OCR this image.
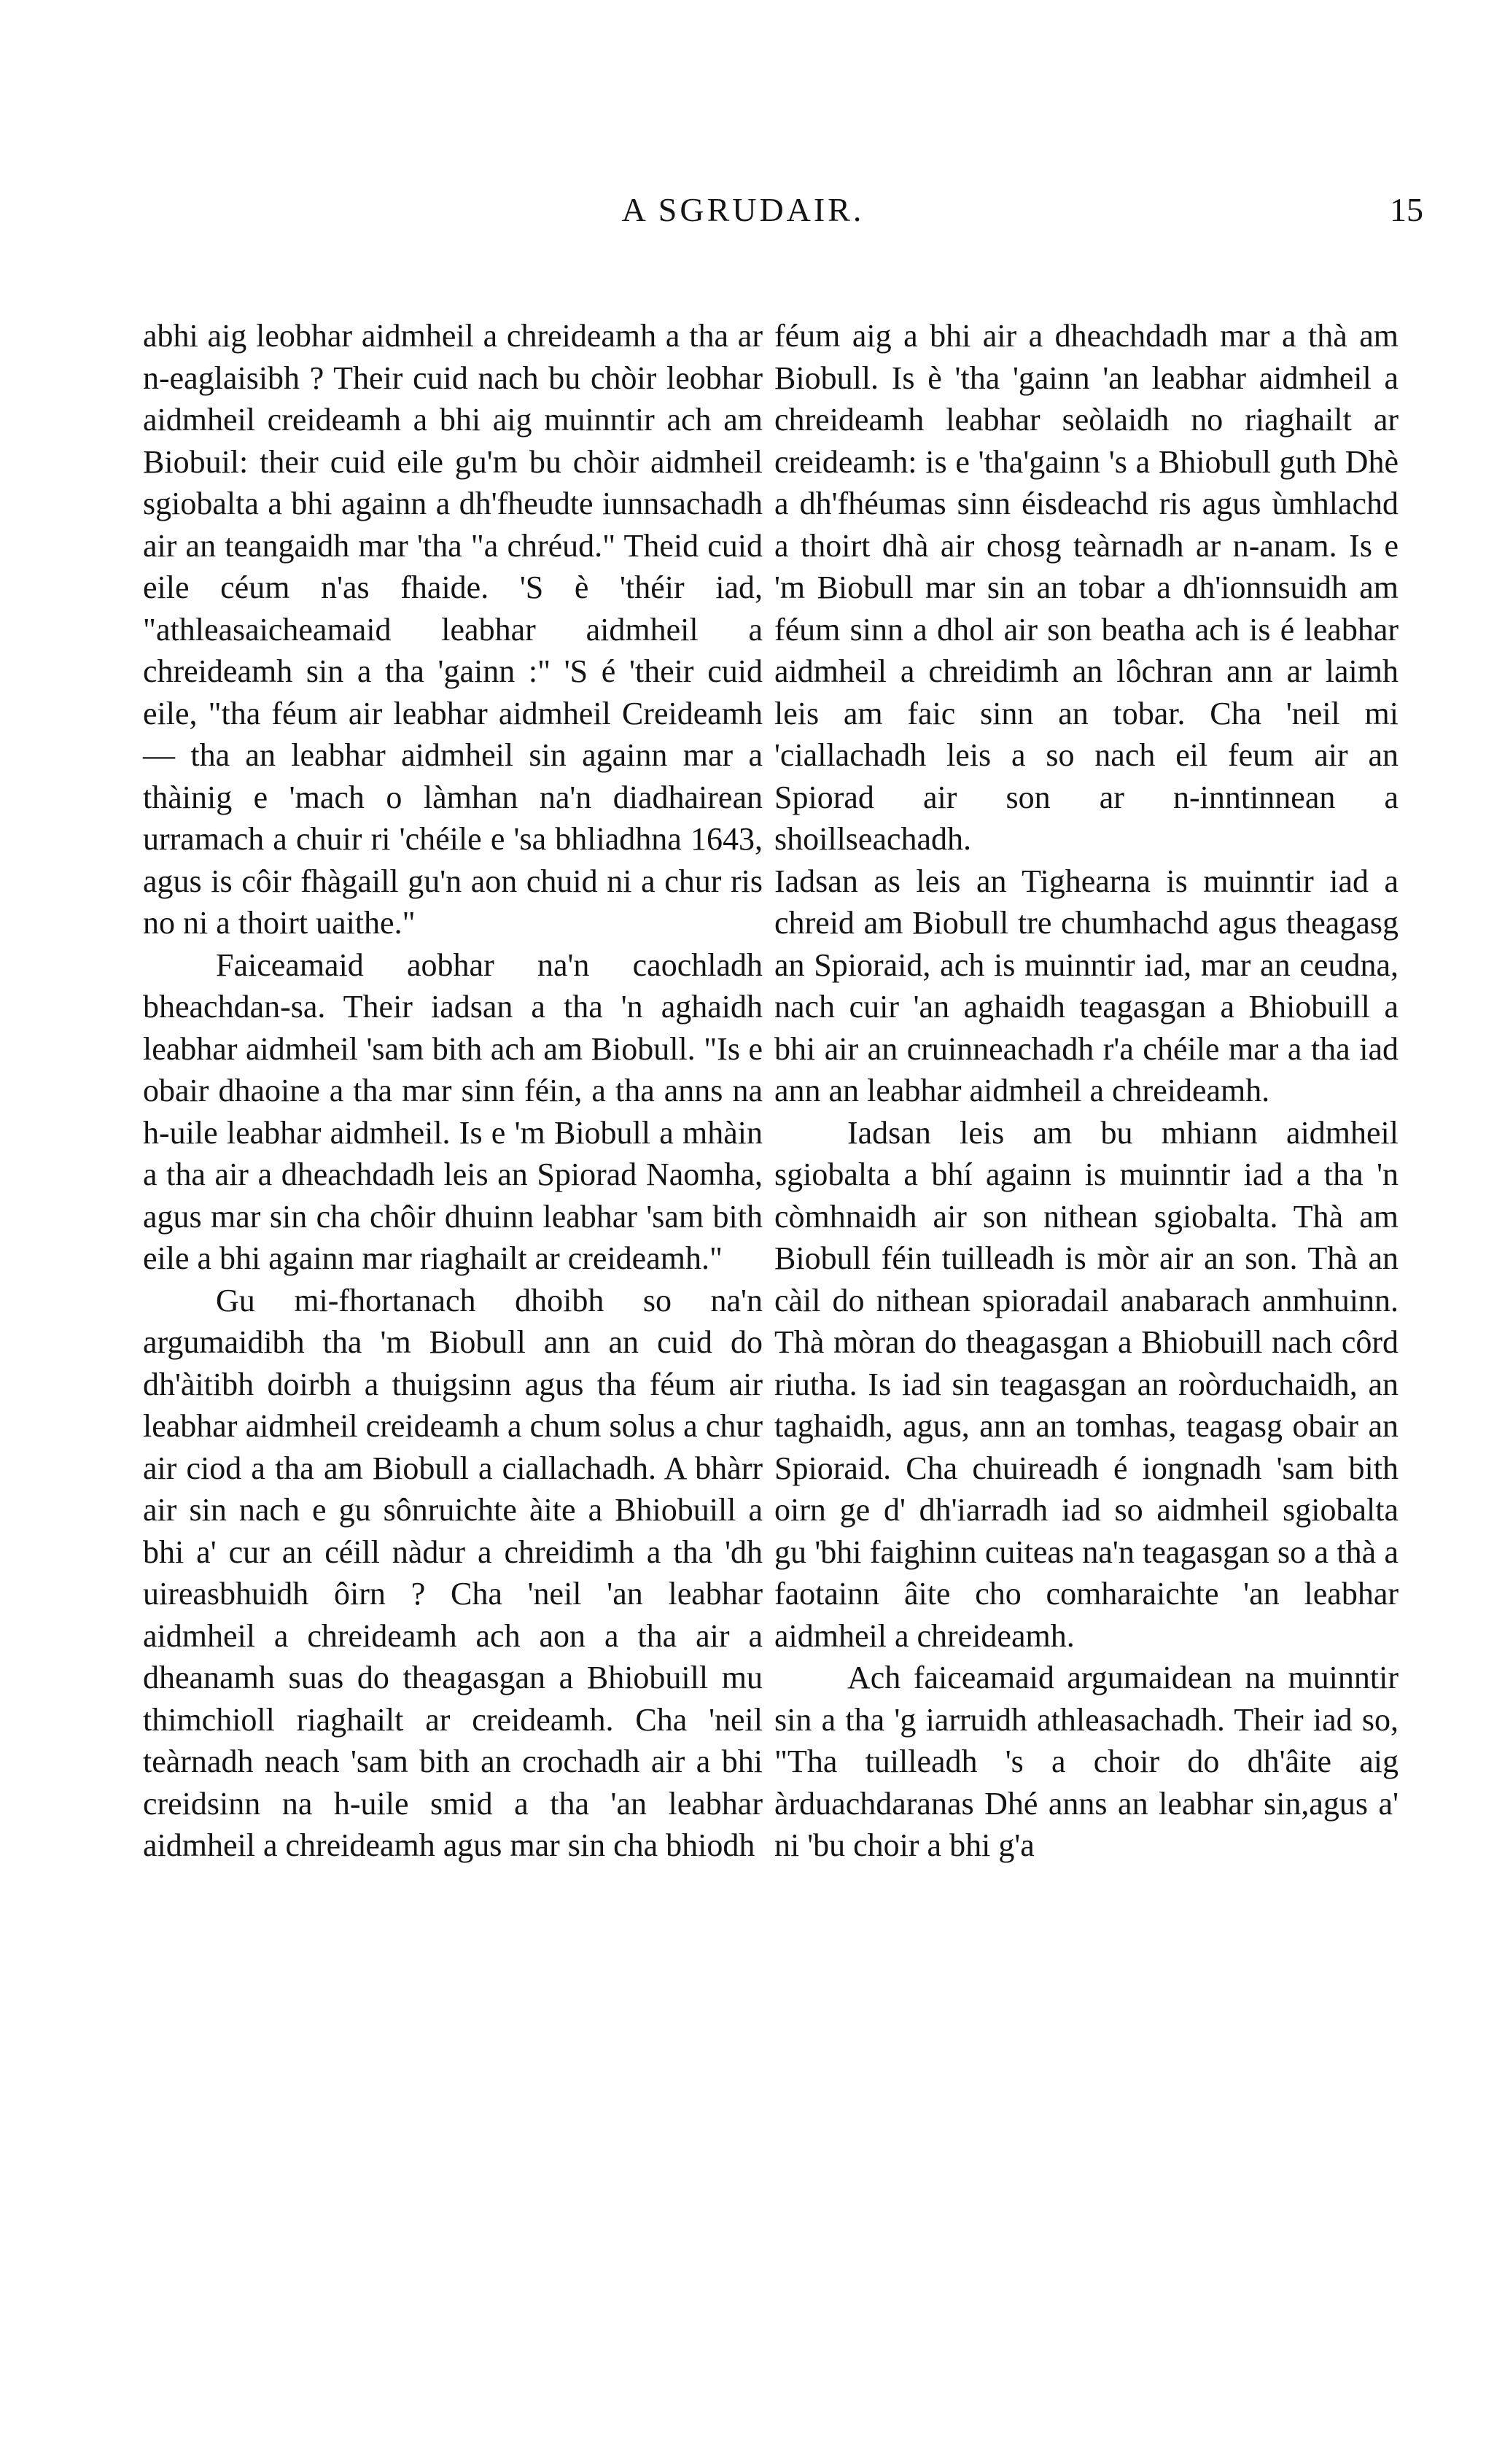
A SGRUDAIR.	15

abhi aig leobhar aidmheil a chreideamh a tha ar n-eaglaisibh ? Their cuid nach bu chòir leobhar aidmheil creideamh a bhi aig muinntir ach am Biobuil: their cuid eile gu'm bu chòir aidmheil sgiobalta a bhi againn a dh'fheudte iunnsachadh air an teangaidh mar 'tha "a chréud." Theid cuid eile céum n'as fhaide. 'S è 'théir iad, "athleasaicheamaid leabhar aidmheil a chreideamh sin a tha 'gainn :" 'S é 'their cuid eile, "tha féum air leabhar aidmheil Creideamh — tha an leabhar aidmheil sin againn mar a thàinig e 'mach o làmhan na'n diadhairean urramach a chuir ri 'chéile e 'sa bhliadhna 1643, agus is côir fhàgaill gu'n aon chuid ni a chur ris no ni a thoirt uaithe."

Faiceamaid aobhar na'n caochladh bheachdan-sa. Their iadsan a tha 'n aghaidh leabhar aidmheil 'sam bith ach am Biobull. "Is e obair dhaoine a tha mar sinn féin, a tha anns na h-uile leabhar aidmheil. Is e 'm Biobull a mhàin a tha air a dheachdadh leis an Spiorad Naomha, agus mar sin cha chôir dhuinn leabhar 'sam bith eile a bhi againn mar riaghailt ar creideamh."

Gu mi-fhortanach dhoibh so na'n argumaidibh tha 'm Biobull ann an cuid do dh'àitibh doirbh a thuigsinn agus tha féum air leabhar aidmheil creideamh a chum solus a chur air ciod a tha am Biobull a ciallachadh. A bhàrr air sin nach e gu sônruichte àite a Bhiobuill a bhi a' cur an céill nàdur a chreidimh a tha 'dh uireasbhuidh ôirn ? Cha 'neil 'an leabhar aidmheil a chreideamh ach aon a tha air a dheanamh suas do theagasgan a Bhiobuill mu thimchioll riaghailt ar creideamh. Cha 'neil teàrnadh neach 'sam bith an crochadh air a bhi creidsinn na h-uile smid a tha 'an leabhar aidmheil a chreideamh agus mar sin cha bhiodh

féum aig a bhi air a dheachdadh mar a thà am Biobull. Is è 'tha 'gainn 'an leabhar aidmheil a chreideamh leabhar seòlaidh no riaghailt ar creideamh: is e 'tha'gainn 's a Bhiobull guth Dhè a dh'fhéumas sinn éisdeachd ris agus ùmhlachd a thoirt dhà air chosg teàrnadh ar n-anam. Is e 'm Biobull mar sin an tobar a dh'ionnsuidh am féum sinn a dhol air son beatha ach is é leabhar aidmheil a chreidimh an lôchran ann ar laimh leis am faic sinn an tobar. Cha 'neil mi 'ciallachadh leis a so nach eil feum air an Spiorad air son ar n-inntinnean a shoillseachadh.

Iadsan as leis an Tighearna is muinntir iad a chreid am Biobull tre chumhachd agus theagasg an Spioraid, ach is muinntir iad, mar an ceudna, nach cuir 'an aghaidh teagasgan a Bhiobuill a bhi air an cruinneachadh r'a chéile mar a tha iad ann an leabhar aidmheil a chreideamh.

Iadsan leis am bu mhiann aidmheil sgiobalta a bhí againn is muinntir iad a tha 'n còmhnaidh air son nithean sgiobalta. Thà am Biobull féin tuilleadh is mòr air an son. Thà an càil do nithean spioradail anabarach anmhuinn. Thà mòran do theagasgan a Bhiobuill nach côrd riutha. Is iad sin teagasgan an roòrduchaidh, an taghaidh, agus, ann an tomhas, teagasg obair an Spioraid. Cha chuireadh é iongnadh 'sam bith oirn ge d' dh'iarradh iad so aidmheil sgiobalta gu 'bhi faighinn cuiteas na'n teagasgan so a thà a faotainn âite cho comharaichte 'an leabhar aidmheil a chreideamh.

Ach faiceamaid argumaidean na muinntir sin a tha 'g iarruidh athleasachadh. Their iad so, "Tha tuilleadh 's a choir do dh'âite aig àrduachdaranas Dhé anns an leabhar sin,agus a' ni 'bu choir a bhi g'a
